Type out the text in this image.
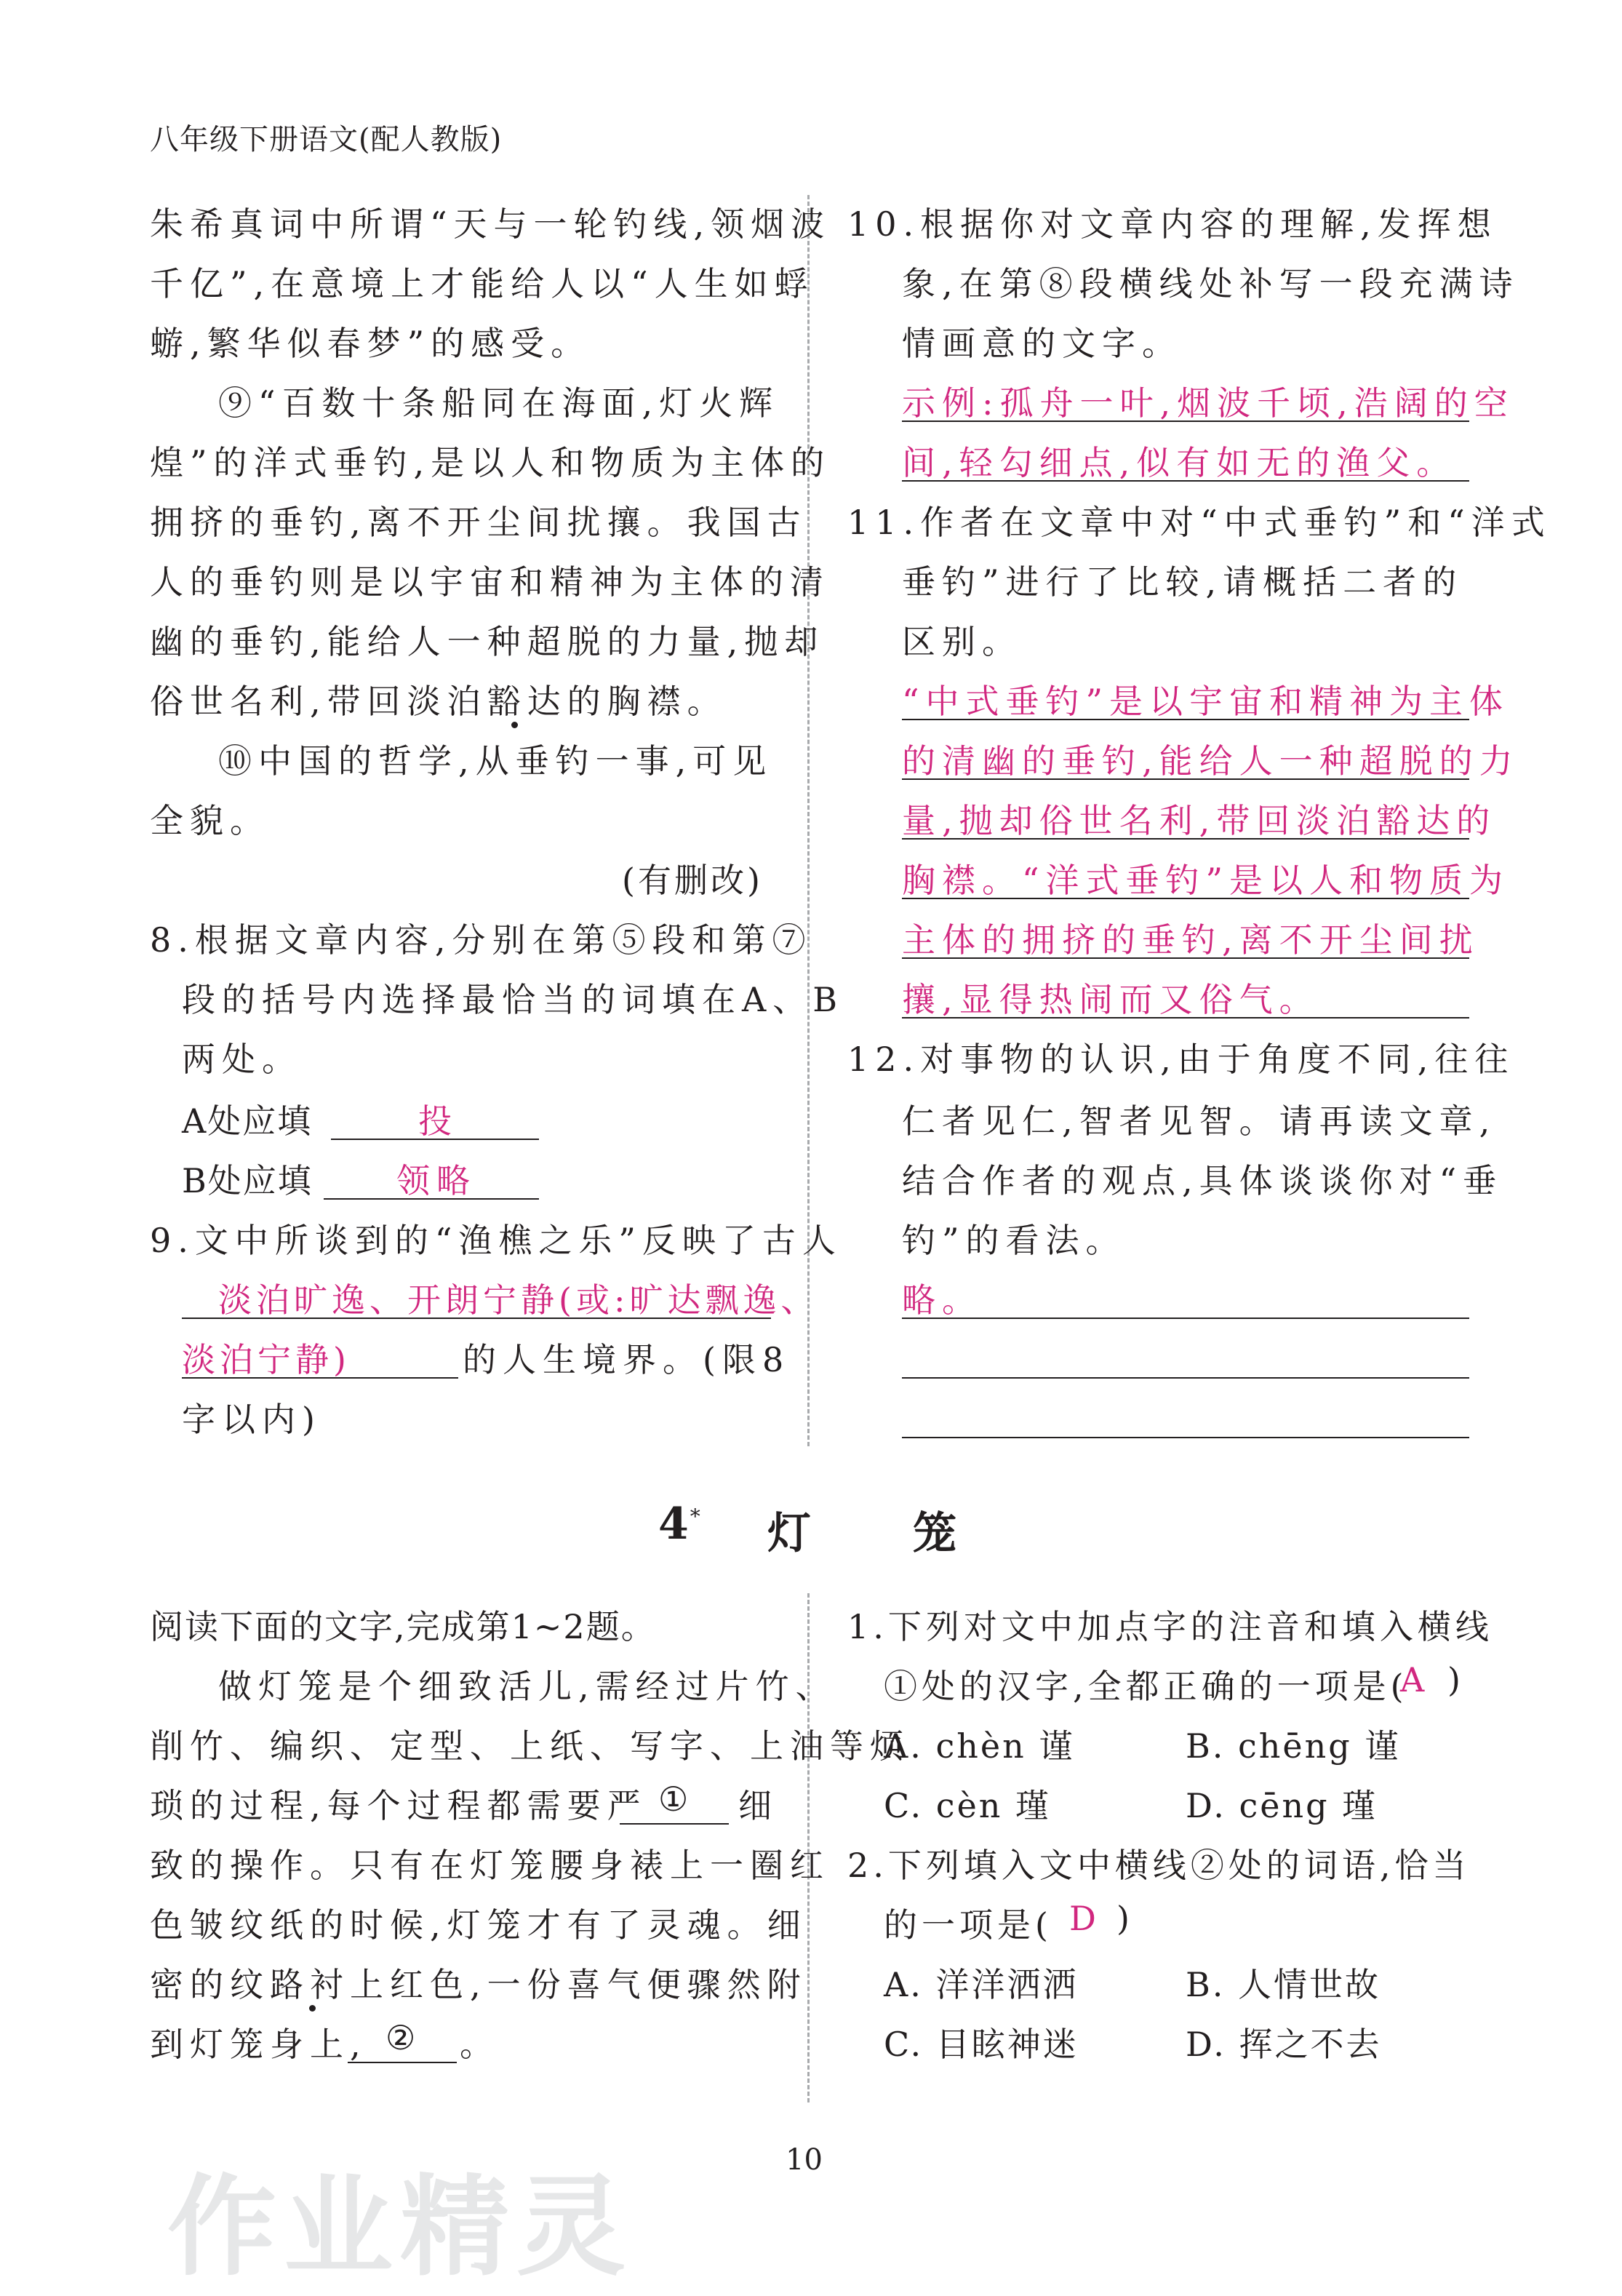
八年级下册语文(配人教版)
朱希真词中所谓“天与一轮钓线,领烟波
千亿”,在意境上才能给人以“人生如蜉
蝣,繁华似春梦”的感受。
⑨“百数十条船同在海面,灯火辉
煌”的洋式垂钓,是以人和物质为主体的
拥挤的垂钓,离不开尘间扰攘。我国古
人的垂钓则是以宇宙和精神为主体的清
幽的垂钓,能给人一种超脱的力量,抛却
俗世名利,带回淡泊豁达的胸襟。
⑩中国的哲学,从垂钓一事,可见
全貌。
(有删改)
8.根据文章内容,分别在第⑤段和第⑦
段的括号内选择最恰当的词填在A、B
两处。
A处应填	投
B处应填	领略
9.文中所谈到的“渔樵之乐”反映了古人
淡泊旷逸、开朗宁静(或:旷达飘逸、
淡泊宁静)	的人生境界。(限8
字以内)
10.根据你对文章内容的理解,发挥想
象,在第⑧段横线处补写一段充满诗
情画意的文字。
示例:孤舟一叶,烟波千顷,浩阔的空
间,轻勾细点,似有如无的渔父。
11.作者在文章中对“中式垂钓”和“洋式
垂钓”进行了比较,请概括二者的
区别。
“中式垂钓”是以宇宙和精神为主体
的清幽的垂钓,能给人一种超脱的力
量,抛却俗世名利,带回淡泊豁达的
胸襟。“洋式垂钓”是以人和物质为
主体的拥挤的垂钓,离不开尘间扰
攘,显得热闹而又俗气。
12.对事物的认识,由于角度不同,往往
仁者见仁,智者见智。请再读文章,
结合作者的观点,具体谈谈你对“垂
钓”的看法。
略。
4* 灯 笼
阅读下面的文字,完成第1~2题。
做灯笼是个细致活儿,需经过片竹、
削竹、编织、定型、上纸、写字、上油等烦
琐的过程,每个过程都需要严 ① 细
致的操作。只有在灯笼腰身裱上一圈红
色皱纹纸的时候,灯笼才有了灵魂。细
密的纹路衬上红色,一份喜气便骤然附
到灯笼身上, ② 。
1.下列对文中加点字的注音和填入横线
①处的汉字,全都正确的一项是(
A )
A. chèn 谨	B. chēng 谨
C. cèn 瑾	D. cēng 瑾
2.下列填入文中横线②处的词语,恰当
的一项是( D )
A. 洋洋洒洒	B. 人情世故
C. 目眩神迷	D. 挥之不去
10
作业精灵
